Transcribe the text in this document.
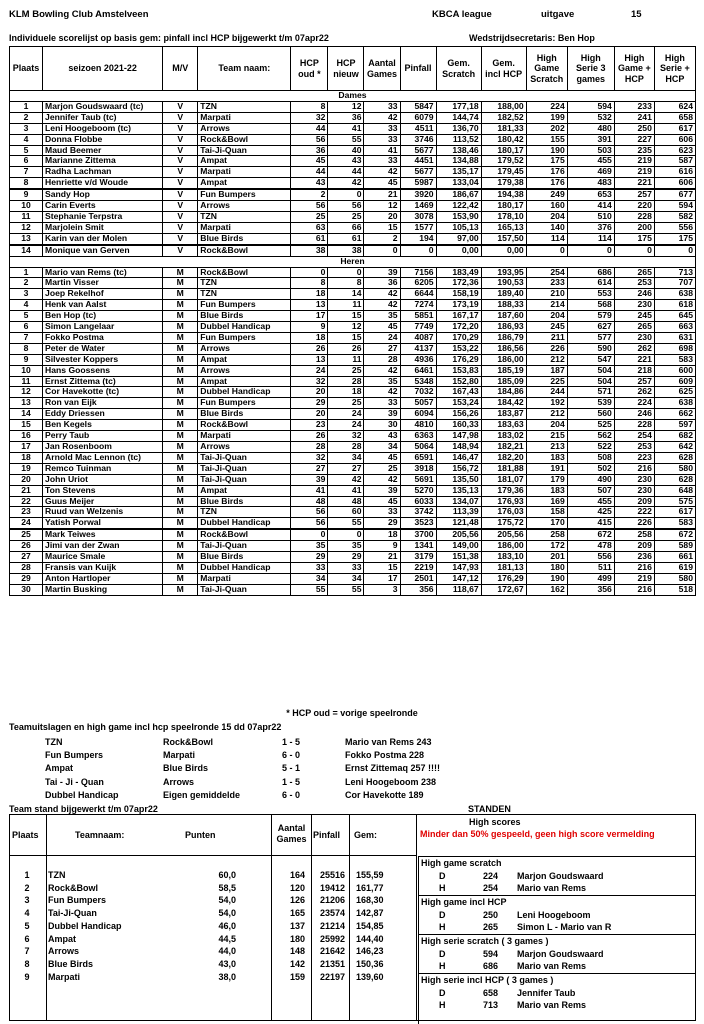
KLM Bowling Club Amstelveen	KBCA league	uitgave	15
Individuele scorelijst op basis gem: pinfall incl HCP bijgewerkt t/m 07apr22	Wedstrijdsecretaris: Ben Hop
Plaats	seizoen 2021-22	M/V	Team naam:	HCP oud *	HCP nieuw	Aantal Games	Pinfall	Gem. Scratch	Gem. incl HCP	High Game Scratch	High Serie 3 games	High Game + HCP	High Serie + HCP
Dames													
1	Marjon Goudswaard (tc)	V	TZN	8	12	33	5847	177,18	188,00	224	594	233	624
2	Jennifer Taub (tc)	V	Marpati	32	36	42	6079	144,74	182,52	199	532	241	658
3	Leni Hoogeboom (tc)	V	Arrows	44	41	33	4511	136,70	181,33	202	480	250	617
4	Donna Flobbe	V	Rock&Bowl	56	55	33	3746	113,52	180,42	155	391	227	606
5	Maud Beemer	V	Tai-Ji-Quan	36	40	41	5677	138,46	180,17	190	503	235	623
6	Marianne Zittema	V	Ampat	45	43	33	4451	134,88	179,52	175	455	219	587
7	Radha Lachman	V	Marpati	44	44	42	5677	135,17	179,45	176	469	219	616
8	Henriette v/d Woude	V	Ampat	43	42	45	5987	133,04	179,38	176	483	221	606
9	Sandy Hop	V	Fun Bumpers	2	0	21	3920	186,67	194,38	249	653	257	677
10	Carin Everts	V	Arrows	56	56	12	1469	122,42	180,17	160	414	220	594
11	Stephanie Terpstra	V	TZN	25	25	20	3078	153,90	178,10	204	510	228	582
12	Marjolein Smit	V	Marpati	63	66	15	1577	105,13	165,13	140	376	200	556
13	Karin van der Molen	V	Blue Birds	61	61	2	194	97,00	157,50	114	114	175	175
14	Monique van Gerven	V	Rock&Bowl	38	38	0	0	0,00	0,00	0	0	0	0
Heren													
1	Mario van Rems (tc)	M	Rock&Bowl	0	0	39	7156	183,49	193,95	254	686	265	713
2	Martin Visser	M	TZN	8	8	36	6205	172,36	190,53	233	614	253	707
3	Joep Rekelhof	M	TZN	18	14	42	6644	158,19	189,40	210	553	246	638
4	Henk van Aalst	M	Fun Bumpers	13	11	42	7274	173,19	188,33	214	568	230	618
5	Ben Hop (tc)	M	Blue Birds	17	15	35	5851	167,17	187,60	204	579	245	645
6	Simon Langelaar	M	Dubbel Handicap	9	12	45	7749	172,20	186,93	245	627	265	663
7	Fokko Postma	M	Fun Bumpers	18	15	24	4087	170,29	186,79	211	577	230	631
8	Peter de Water	M	Arrows	26	26	27	4137	153,22	186,56	226	590	262	698
9	Silvester Koppers	M	Ampat	13	11	28	4936	176,29	186,00	212	547	221	583
10	Hans Goossens	M	Arrows	24	25	42	6461	153,83	185,19	187	504	218	600
11	Ernst Zittema (tc)	M	Ampat	32	28	35	5348	152,80	185,09	225	504	257	609
12	Cor Havekotte (tc)	M	Dubbel Handicap	20	18	42	7032	167,43	184,86	244	571	262	625
13	Ron van Eijk	M	Fun Bumpers	29	25	33	5057	153,24	184,42	192	539	224	638
14	Eddy Driessen	M	Blue Birds	20	24	39	6094	156,26	183,87	212	560	246	662
15	Ben Kegels	M	Rock&Bowl	23	24	30	4810	160,33	183,63	204	525	228	597
16	Perry Taub	M	Marpati	26	32	43	6363	147,98	183,02	215	562	254	682
17	Jan Rosenboom	M	Arrows	28	28	34	5064	148,94	182,21	213	522	253	642
18	Arnold Mac Lennon (tc)	M	Tai-Ji-Quan	32	34	45	6591	146,47	182,20	183	508	223	628
19	Remco Tuinman	M	Tai-Ji-Quan	27	27	25	3918	156,72	181,88	191	502	216	580
20	John Uriot	M	Tai-Ji-Quan	39	42	42	5691	135,50	181,07	179	490	230	628
21	Ton Stevens	M	Ampat	41	41	39	5270	135,13	179,36	183	507	230	648
22	Guus Meijer	M	Blue Birds	48	48	45	6033	134,07	176,93	169	455	209	575
23	Ruud van Welzenis	M	TZN	56	60	33	3742	113,39	176,03	158	425	222	617
24	Yatish Porwal	M	Dubbel Handicap	56	55	29	3523	121,48	175,72	170	415	226	583
25	Mark Teiwes	M	Rock&Bowl	0	0	18	3700	205,56	205,56	258	672	258	672
26	Jimi van der Zwan	M	Tai-Ji-Quan	35	35	9	1341	149,00	186,00	172	478	209	589
27	Maurice Smale	M	Blue Birds	29	29	21	3179	151,38	183,10	201	556	236	661
28	Fransis van Kuijk	M	Dubbel Handicap	33	33	15	2219	147,93	181,13	180	511	216	619
29	Anton Hartloper	M	Marpati	34	34	17	2501	147,12	176,29	190	499	219	580
30	Martin Busking	M	Tai-Ji-Quan	55	55	3	356	118,67	172,67	162	356	216	518
* HCP oud = vorige speelronde
Teamuitslagen en high game incl hcp speelronde 15 dd 07apr22
TZN	Rock&Bowl	1 - 5	Mario van Rems 243
Fun Bumpers	Marpati	6 - 0	Fokko Postma 228
Ampat	Blue Birds	5 - 1	Ernst Zittemaq 257 !!!!
Tai - Ji - Quan	Arrows	1 - 5	Leni Hoogeboom 238
Dubbel Handicap	Eigen gemiddelde	6 - 0	Cor Havekotte 189
Team stand bijgewerkt t/m 07apr22	STANDEN
Plaats	Teamnaam:	Punten
Aantal Games Pinfall Gem:
1	TZN	60,0	164	25516	155,59
2	Rock&Bowl	58,5	120	19412	161,77
3	Fun Bumpers	54,0	126	21206	168,30
4	Tai-Ji-Quan	54,0	165	23574	142,87
5	Dubbel Handicap	46,0	137	21214	154,85
6	Ampat	44,5	180	25992	144,40
7	Arrows	44,0	148	21642	146,23
8	Blue Birds	43,0	142	21351	150,36
9	Marpati	38,0	159	22197	139,60
High scores
Minder dan 50% gespeeld, geen high score vermelding
High game scratch
D	224 Marjon Goudswaard
H	254 Mario van Rems
High game incl HCP
D	250 Leni Hoogeboom
H	265 Simon L - Mario van R
High serie scratch ( 3 games )
D	594 Marjon Goudswaard
H	686 Mario van Rems
High serie incl HCP ( 3 games )
D	658 Jennifer Taub
H	713 Mario van Rems
